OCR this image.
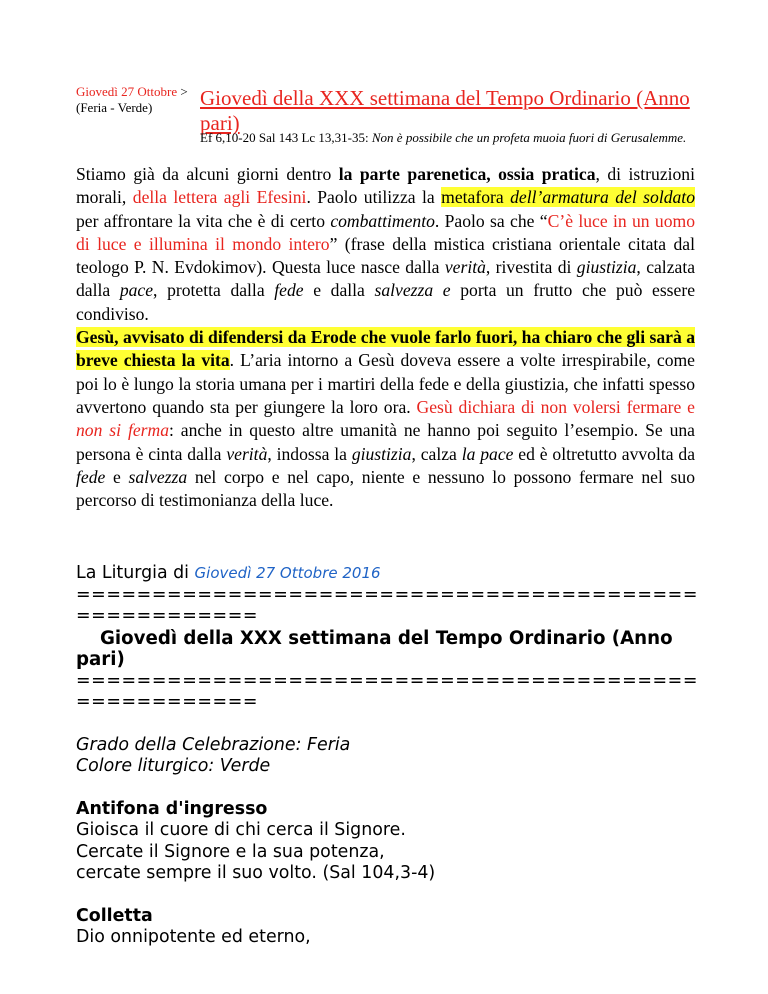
Giovedì 27 Ottobre >
(Feria - Verde)	Giovedì della XXX settimana del Tempo Ordinario (Anno pari)
Ef 6,10-20 Sal 143 Lc 13,31-35: Non è possibile che un profeta muoia fuori di Gerusalemme.
Stiamo già da alcuni giorni dentro la parte parenetica, ossia pratica, di istruzioni morali, della lettera agli Efesini. Paolo utilizza la metafora dell’armatura del soldato per affrontare la vita che è di certo combattimento. Paolo sa che “C’è luce in un uomo di luce e illumina il mondo intero” (frase della mistica cristiana orientale citata dal teologo P. N. Evdokimov). Questa luce nasce dalla verità, rivestita di giustizia, calzata dalla pace, protetta dalla fede e dalla salvezza e porta un frutto che può essere condiviso.
Gesù, avvisato di difendersi da Erode che vuole farlo fuori, ha chiaro che gli sarà a breve chiesta la vita. L’aria intorno a Gesù doveva essere a volte irrespirabile, come poi lo è lungo la storia umana per i martiri della fede e della giustizia, che infatti spesso avvertono quando sta per giungere la loro ora. Gesù dichiara di non volersi fermare e non si ferma: anche in questo altre umanità ne hanno poi seguito l’esempio. Se una persona è cinta dalla verità, indossa la giustizia, calza la pace ed è oltretutto avvolta da fede e salvezza nel corpo e nel capo, niente e nessuno lo possono fermare nel suo percorso di testimonianza della luce.

La Liturgia di Giovedì 27 Ottobre 2016

=========================================

============

Giovedì della XXX settimana del Tempo Ordinario (Anno pari)

=========================================

============

Grado della Celebrazione: Feria

Colore liturgico: Verde

Antifona d'ingresso

Gioisca il cuore di chi cerca il Signore.

Cercate il Signore e la sua potenza,

cercate sempre il suo volto. (Sal 104,3-4)

Colletta

Dio onnipotente ed eterno,
